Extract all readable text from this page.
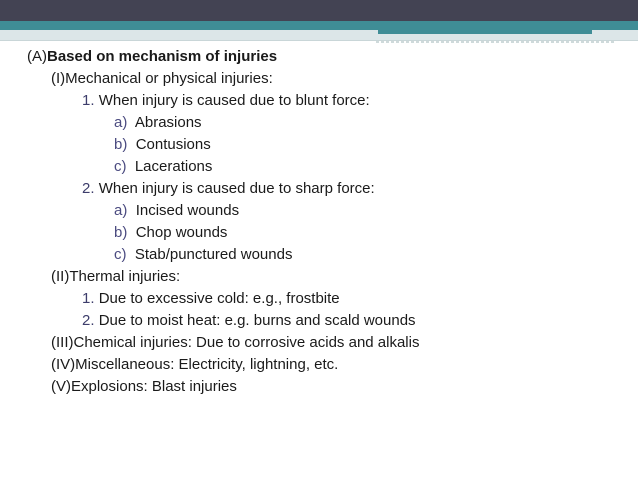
(A)Based on mechanism of injuries
(I)Mechanical or physical injuries:
1. When injury is caused due to blunt force:
a) Abrasions
b) Contusions
c) Lacerations
2. When injury is caused due to sharp force:
a) Incised wounds
b) Chop wounds
c) Stab/punctured wounds
(II)Thermal injuries:
1. Due to excessive cold: e.g., frostbite
2. Due to moist heat: e.g. burns and scald wounds
(III)Chemical injuries: Due to corrosive acids and alkalis
(IV)Miscellaneous: Electricity, lightning, etc.
(V)Explosions: Blast injuries
